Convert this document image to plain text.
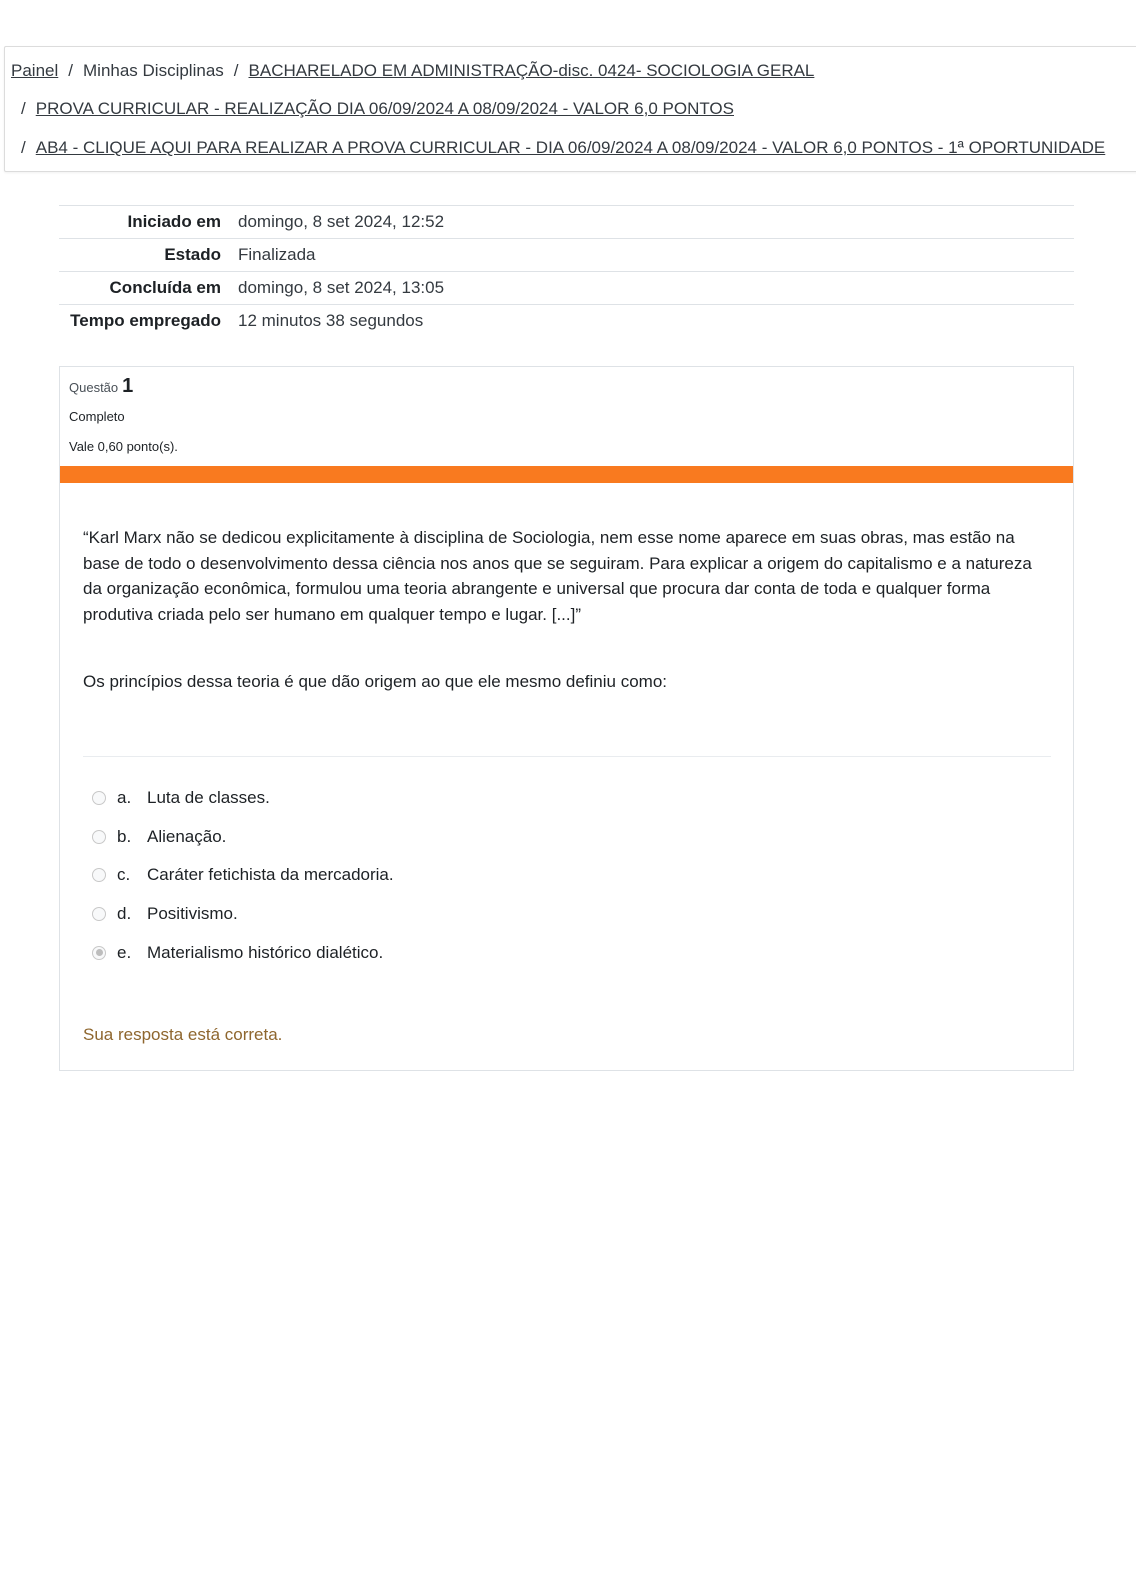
Painel / Minhas Disciplinas / BACHARELADO EM ADMINISTRAÇÃO-disc. 0424- SOCIOLOGIA GERAL
/ PROVA CURRICULAR - REALIZAÇÃO DIA 06/09/2024 A 08/09/2024 - VALOR 6,0 PONTOS
/ AB4 - CLIQUE AQUI PARA REALIZAR A PROVA CURRICULAR - DIA 06/09/2024 A 08/09/2024 - VALOR 6,0 PONTOS - 1ª OPORTUNIDADE
Iniciado em	domingo, 8 set 2024, 12:52
Estado	Finalizada
Concluída em	domingo, 8 set 2024, 13:05
Tempo empregado	12 minutos 38 segundos
Questão 1
Completo
Vale 0,60 ponto(s).
“Karl Marx não se dedicou explicitamente à disciplina de Sociologia, nem esse nome aparece em suas obras, mas estão na base de todo o desenvolvimento dessa ciência nos anos que se seguiram. Para explicar a origem do capitalismo e a natureza da organização econômica, formulou uma teoria abrangente e universal que procura dar conta de toda e qualquer forma produtiva criada pelo ser humano em qualquer tempo e lugar. [...]”
Os princípios dessa teoria é que dão origem ao que ele mesmo definiu como:
a. Luta de classes.
b. Alienação.
c. Caráter fetichista da mercadoria.
d. Positivismo.
e. Materialismo histórico dialético.
Sua resposta está correta.
